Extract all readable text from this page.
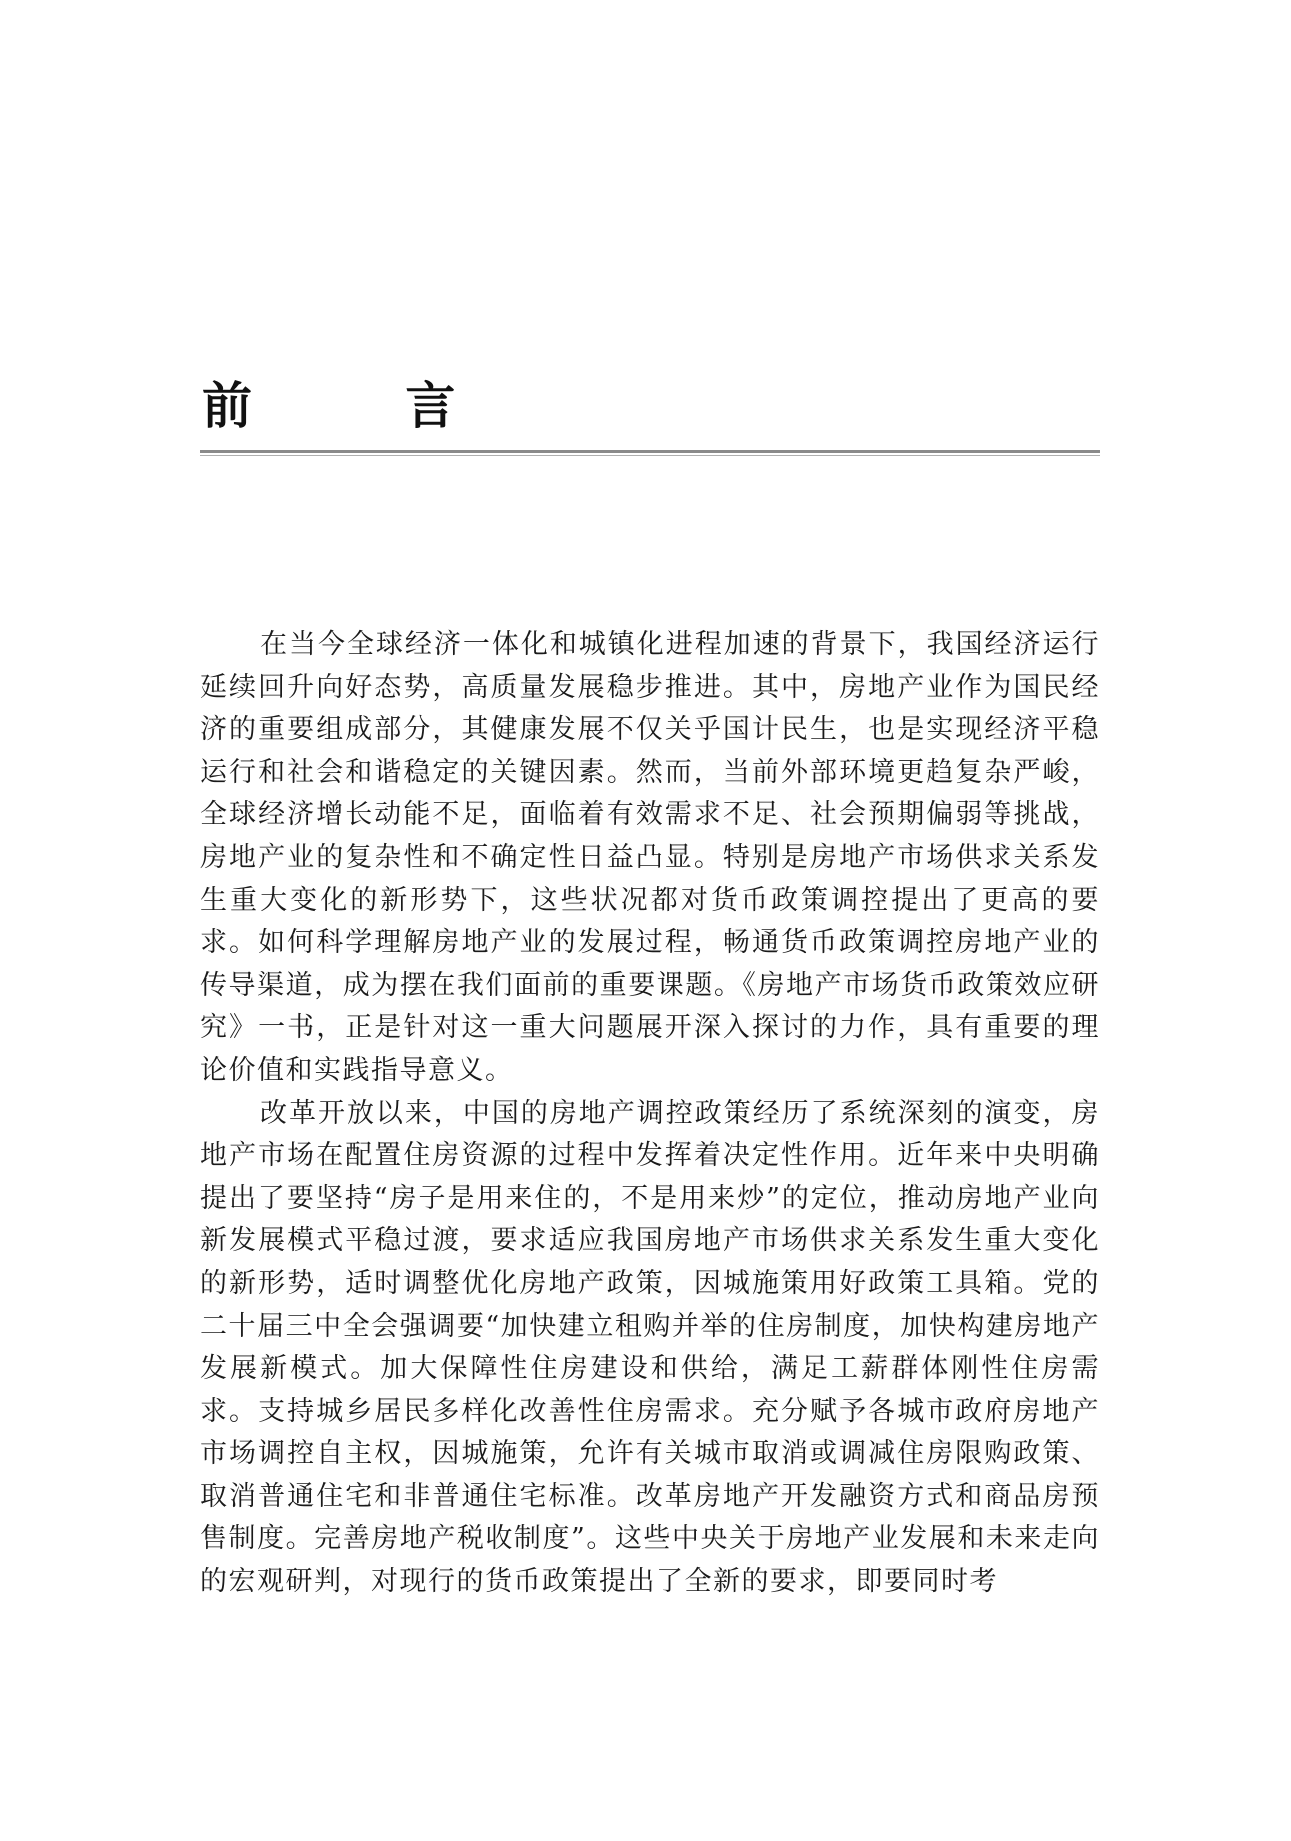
前 言

在当今全球经济一体化和城镇化进程加速的背景下，我国经济运行延续回升向好态势，高质量发展稳步推进。其中，房地产业作为国民经济的重要组成部分，其健康发展不仅关乎国计民生，也是实现经济平稳运行和社会和谐稳定的关键因素。然而，当前外部环境更趋复杂严峻，全球经济增长动能不足，面临着有效需求不足、社会预期偏弱等挑战，房地产业的复杂性和不确定性日益凸显。特别是房地产市场供求关系发生重大变化的新形势下，这些状况都对货币政策调控提出了更高的要求。如何科学理解房地产业的发展过程，畅通货币政策调控房地产业的传导渠道，成为摆在我们面前的重要课题。《房地产市场货币政策效应研究》一书，正是针对这一重大问题展开深入探讨的力作，具有重要的理论价值和实践指导意义。

改革开放以来，中国的房地产调控政策经历了系统深刻的演变，房地产市场在配置住房资源的过程中发挥着决定性作用。近年来中央明确提出了要坚持“房子是用来住的，不是用来炒”的定位，推动房地产业向新发展模式平稳过渡，要求适应我国房地产市场供求关系发生重大变化的新形势，适时调整优化房地产政策，因城施策用好政策工具箱。党的二十届三中全会强调要“加快建立租购并举的住房制度，加快构建房地产发展新模式。加大保障性住房建设和供给，满足工薪群体刚性住房需求。支持城乡居民多样化改善性住房需求。充分赋予各城市政府房地产市场调控自主权，因城施策，允许有关城市取消或调减住房限购政策、取消普通住宅和非普通住宅标准。改革房地产开发融资方式和商品房预售制度。完善房地产税收制度”。这些中央关于房地产业发展和未来走向的宏观研判，对现行的货币政策提出了全新的要求，即要同时考
